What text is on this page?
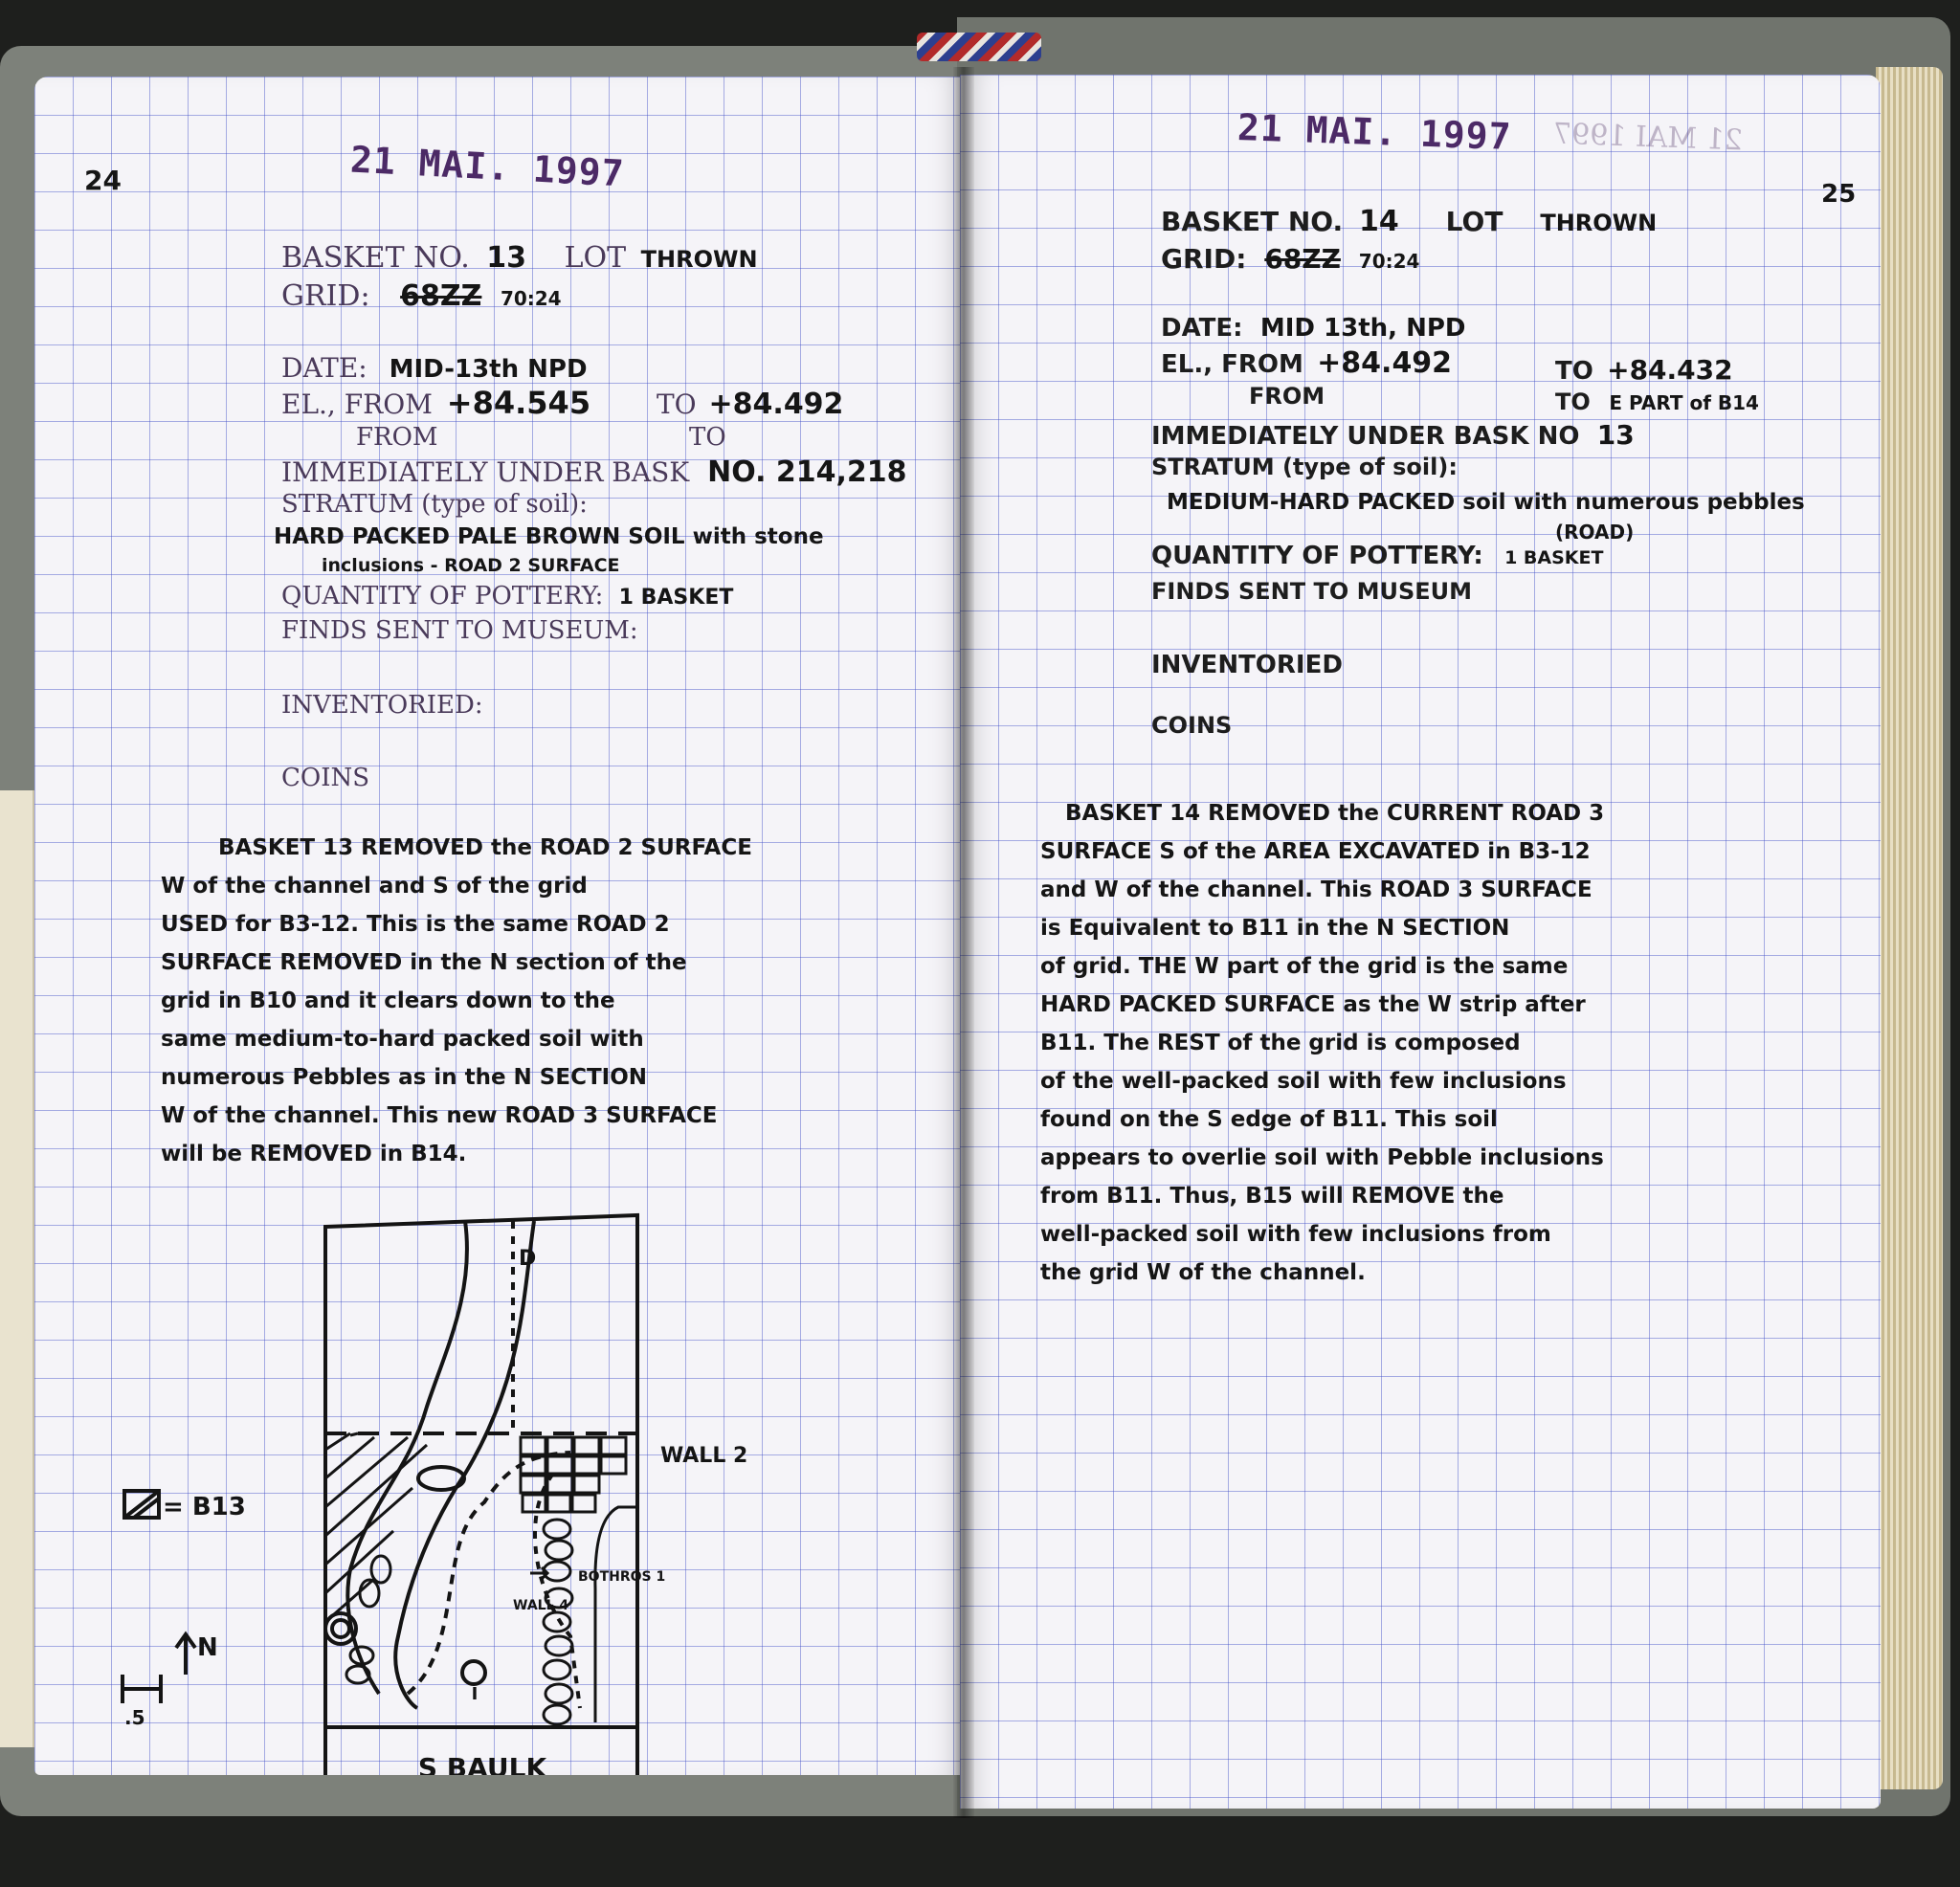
24	21 MAI. 1997
BASKET NO. 13 LOT THROWN
GRID: 68ZZ 70:24
DATE: MID-13th NPD
EL., FROM +84.545 TO +84.492
FROM	TO
IMMEDIATELY UNDER BASK NO. 214,218
STRATUM (type of soil):
HARD PACKED PALE BROWN SOIL with stone
inclusions - ROAD 2 SURFACE
QUANTITY OF POTTERY: 1 BASKET
FINDS SENT TO MUSEUM:
INVENTORIED:
COINS
BASKET 13 REMOVED the ROAD 2 SURFACE
W of the channel and S of the grid
USED for B3-12. This is the same ROAD 2
SURFACE REMOVED in the N section of the
grid in B10 and it clears down to the
same medium-to-hard packed soil with
numerous Pebbles as in the N SECTION
W of the channel. This new ROAD 3 SURFACE
will be REMOVED in B14.
= B13
.5
N
WALL 2
WALL 4
BOTHROS 1
I
D
S BAULK
25
21 MAI. 1997 21 MAI 1997
BASKET NO. 14 LOT THROWN
GRID: 68ZZ 70:24
DATE: MID 13th, NPD
EL., FROM +84.492	TO +84.432
FROM	TO E PART of B14
IMMEDIATELY UNDER BASK NO 13
STRATUM (type of soil):
MEDIUM-HARD PACKED soil with numerous pebbles
(ROAD)
QUANTITY OF POTTERY: 1 BASKET
FINDS SENT TO MUSEUM
INVENTORIED
COINS
BASKET 14 REMOVED the CURRENT ROAD 3
SURFACE S of the AREA EXCAVATED in B3-12
and W of the channel. This ROAD 3 SURFACE
is Equivalent to B11 in the N SECTION
of grid. THE W part of the grid is the same
HARD PACKED SURFACE as the W strip after
B11. The REST of the grid is composed
of the well-packed soil with few inclusions
found on the S edge of B11. This soil
appears to overlie soil with Pebble inclusions
from B11. Thus, B15 will REMOVE the
well-packed soil with few inclusions from
the grid W of the channel.
